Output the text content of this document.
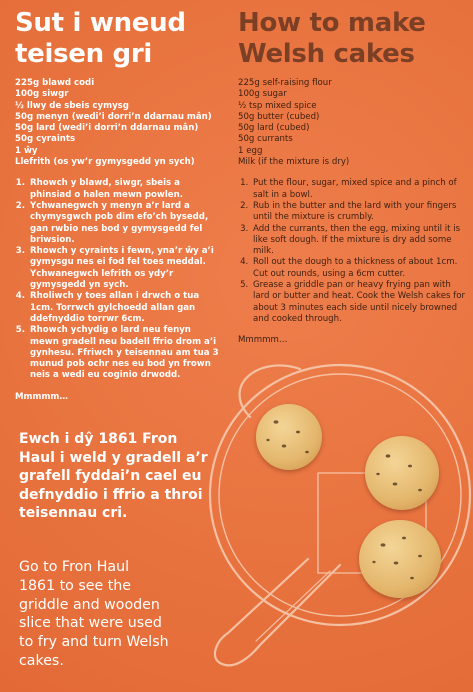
Sut i wneud teisen gri
225g blawd codi
100g siwgr
½ llwy de sbeis cymysg
50g menyn (wedi’i dorri’n ddarnau mân)
50g lard (wedi’i dorri’n ddarnau mân)
50g cyraints
1 ŵy
Llefrith (os yw’r gymysgedd yn sych)
1. Rhowch y blawd, siwgr, sbeis a phinsiad o halen mewn powlen.
2. Ychwanegwch y menyn a’r lard a chymysgwch pob dim efo’ch bysedd, gan rwbio nes bod y gymysgedd fel briwsion.
3. Rhowch y cyraints i fewn, yna’r ŵy a’i gymysgu nes ei fod fel toes meddal. Ychwanegwch lefrith os ydy’r gymysgedd yn sych.
4. Rholiwch y toes allan i drwch o tua 1cm. Torrwch gylchoedd allan gan ddefnyddio torrwr 6cm.
5. Rhowch ychydig o lard neu fenyn mewn gradell neu badell ffrio drom a’i gynhesu. Ffriwch y teisennau am tua 3 munud pob ochr nes eu bod yn frown neis a wedi eu coginio drwodd.
Mmmmm…
How to make Welsh cakes
225g self-raising flour
100g sugar
½ tsp mixed spice
50g butter (cubed)
50g lard (cubed)
50g currants
1 egg
Milk (if the mixture is dry)
1. Put the flour, sugar, mixed spice and a pinch of salt in a bowl.
2. Rub in the butter and the lard with your fingers until the mixture is crumbly.
3. Add the currants, then the egg, mixing until it is like soft dough. If the mixture is dry add some milk.
4. Roll out the dough to a thickness of about 1cm. Cut out rounds, using a 6cm cutter.
5. Grease a griddle pan or heavy frying pan with lard or butter and heat. Cook the Welsh cakes for about 3 minutes each side until nicely browned and cooked through.
Mmmmm…
Ewch i dŷ 1861 Fron Haul i weld y gradell a’r grafell fyddai’n cael eu defnyddio i ffrio a throi teisennau cri.
Go to Fron Haul 1861 to see the griddle and wooden slice that were used to fry and turn Welsh cakes.
